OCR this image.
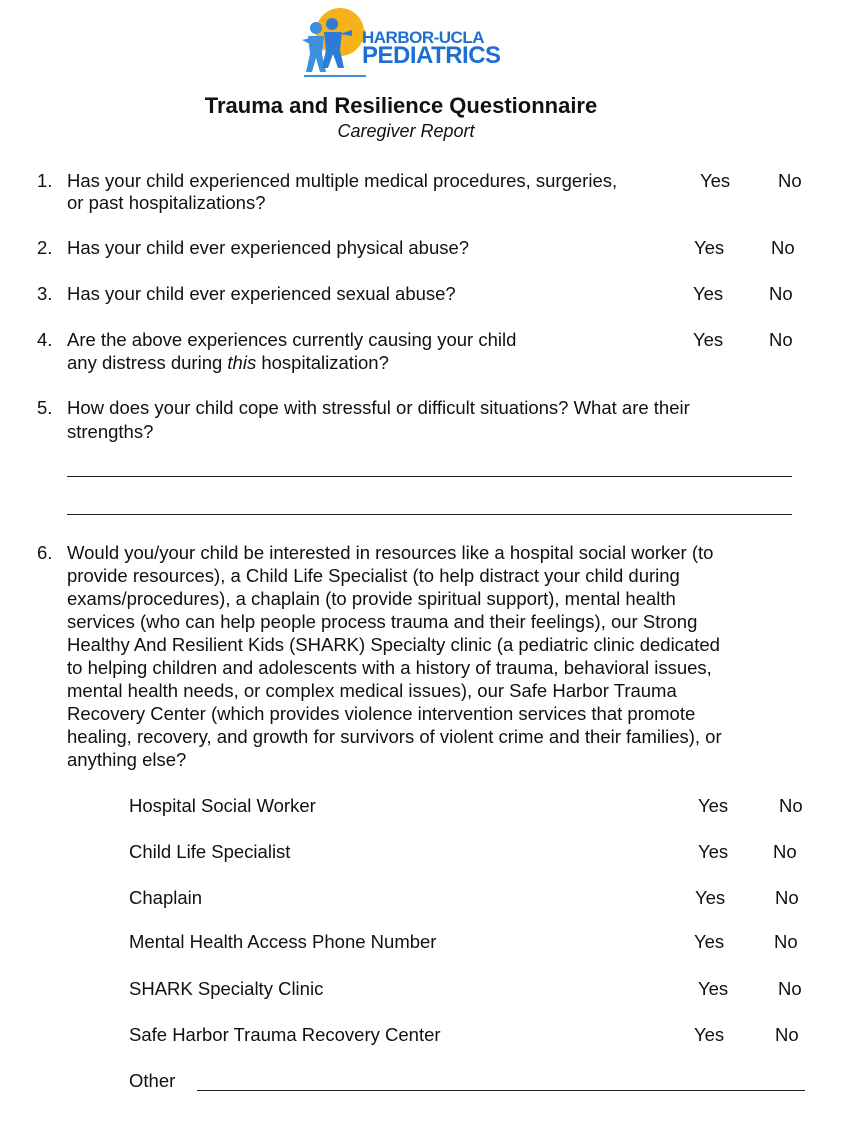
HARBOR-UCLA
PEDIATRICS
Trauma and Resilience Questionnaire
Caregiver Report
1. Has your child experienced multiple medical procedures, surgeries,
or past hospitalizations?
Yes	No
2. Has your child ever experienced physical abuse?	Yes	No
3. Has your child ever experienced sexual abuse?	Yes No
4. Are the above experiences currently causing your child
any distress during this hospitalization?
Yes No
5. How does your child cope with stressful or difficult situations? What are their
strengths?
6. Would you/your child be interested in resources like a hospital social worker (to
provide resources), a Child Life Specialist (to help distract your child during
exams/procedures), a chaplain (to provide spiritual support), mental health
services (who can help people process trauma and their feelings), our Strong
Healthy And Resilient Kids (SHARK) Specialty clinic (a pediatric clinic dedicated
to helping children and adolescents with a history of trauma, behavioral issues,
mental health needs, or complex medical issues), our Safe Harbor Trauma
Recovery Center (which provides violence intervention services that promote
healing, recovery, and growth for survivors of violent crime and their families), or
anything else?
Hospital Social Worker	Yes	No
Child Life Specialist	Yes No
Chaplain	Yes	No
Mental Health Access Phone Number	Yes	No
SHARK Specialty Clinic	Yes	No
Safe Harbor Trauma Recovery Center	Yes	No
Other
